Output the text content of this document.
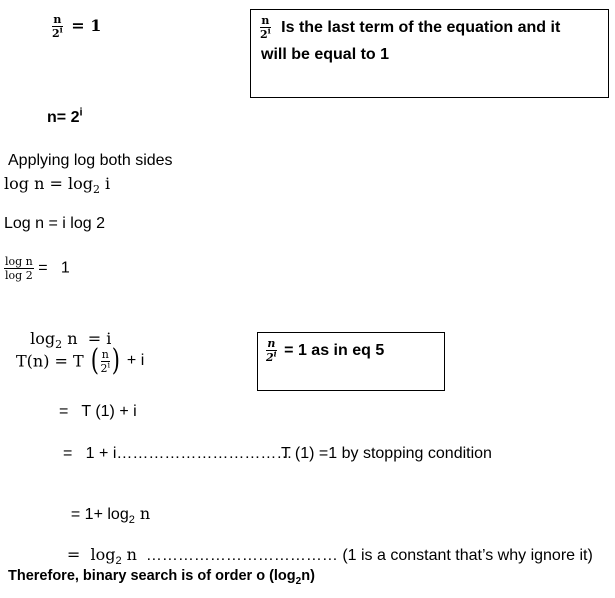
$\frac{n}{2^i} = 1$	$\frac{n}{2^i}$ Is the last term of the equation and it
will be equal to 1
$n= 2^i$
Applying log both sides
$\log n = \log_2 i$
Log n = i log 2
$\frac{\text{log n}}{\log 2} = 1$

$\log_2 n = i$

T(n) = T ( $\frac{n}{2^i}$ ) + i	$\frac{n}{2^i} = 1$ as in eq 5
=   T (1) + i
=   1 + i……………………………
T (1) =1 by stopping condition

= $1+ \log_2 n$

=  $\log_2 n$  ……………………………… (1 is a constant that’s why ignore it)

Therefore, binary search is of order o $(\log_2n)$
